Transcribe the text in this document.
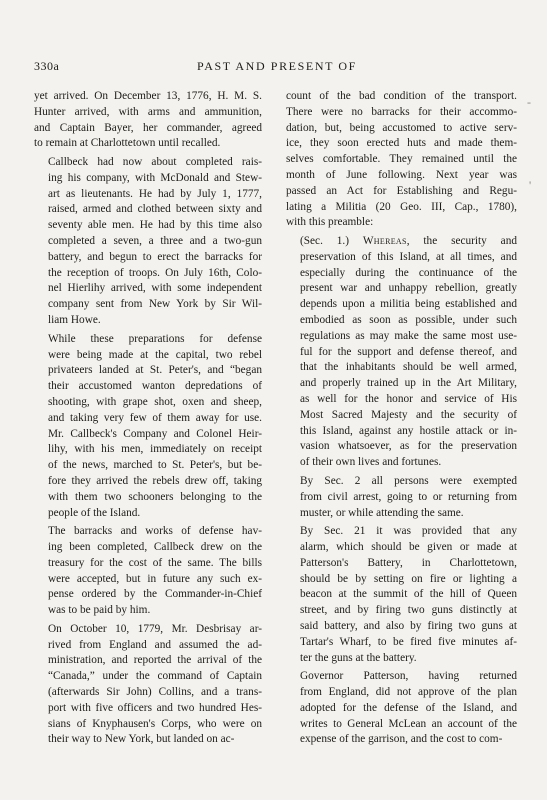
330a	PAST AND PRESENT OF

yet arrived. On December 13, 1776, H. M. S.
Hunter arrived, with arms and ammunition,
and Captain Bayer, her commander, agreed
to remain at Charlottetown until recalled.

Callbeck had now about completed rais-
ing his company, with McDonald and Stew-
art as lieutenants. He had by July 1, 1777,
raised, armed and clothed between sixty and
seventy able men. He had by this time also
completed a seven, a three and a two-gun
battery, and begun to erect the barracks for
the reception of troops. On July 16th, Colo-
nel Hierlihy arrived, with some independent
company sent from New York by Sir Wil-
liam Howe.

While these preparations for defense
were being made at the capital, two rebel
privateers landed at St. Peter's, and “began
their accustomed wanton depredations of
shooting, with grape shot, oxen and sheep,
and taking very few of them away for use.
Mr. Callbeck's Company and Colonel Heir-
lihy, with his men, immediately on receipt
of the news, marched to St. Peter's, but be-
fore they arrived the rebels drew off, taking
with them two schooners belonging to the
people of the Island.

The barracks and works of defense hav-
ing been completed, Callbeck drew on the
treasury for the cost of the same. The bills
were accepted, but in future any such ex-
pense ordered by the Commander-in-Chief
was to be paid by him.

On October 10, 1779, Mr. Desbrisay ar-
rived from England and assumed the ad-
ministration, and reported the arrival of the
“Canada,” under the command of Captain
(afterwards Sir John) Collins, and a trans-
port with five officers and two hundred Hes-
sians of Knyphausen's Corps, who were on
their way to New York, but landed on ac-

count of the bad condition of the transport.
There were no barracks for their accommo-
dation, but, being accustomed to active serv-
ice, they soon erected huts and made them-
selves comfortable. They remained until the
month of June following. Next year was
passed an Act for Establishing and Regu-
lating a Militia (20 Geo. III, Cap., 1780),
with this preamble:

(Sec. 1.) Whereas, the security and
preservation of this Island, at all times, and
especially during the continuance of the
present war and unhappy rebellion, greatly
depends upon a militia being established and
embodied as soon as possible, under such
regulations as may make the same most use-
ful for the support and defense thereof, and
that the inhabitants should be well armed,
and properly trained up in the Art Military,
as well for the honor and service of His
Most Sacred Majesty and the security of
this Island, against any hostile attack or in-
vasion whatsoever, as for the preservation
of their own lives and fortunes.

By Sec. 2 all persons were exempted
from civil arrest, going to or returning from
muster, or while attending the same.

By Sec. 21 it was provided that any
alarm, which should be given or made at
Patterson's Battery, in Charlottetown,
should be by setting on fire or lighting a
beacon at the summit of the hill of Queen
street, and by firing two guns distinctly at
said battery, and also by firing two guns at
Tartar's Wharf, to be fired five minutes af-
ter the guns at the battery.

Governor Patterson, having returned
from England, did not approve of the plan
adopted for the defense of the Island, and
writes to General McLean an account of the
expense of the garrison, and the cost to com-

-
'
